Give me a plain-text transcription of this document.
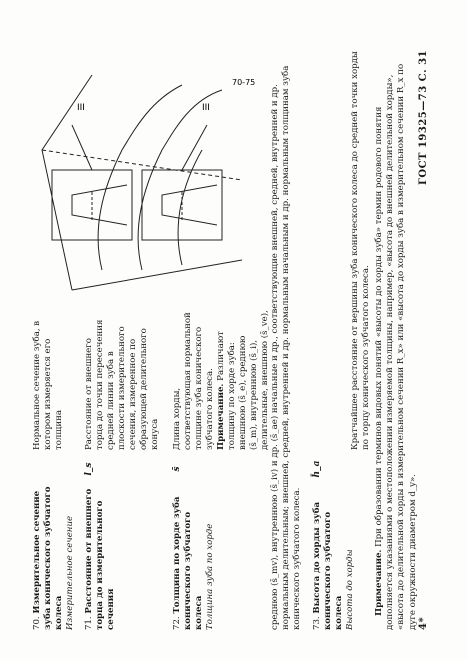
4*
ГОСТ 19325—73 С. 31
70. Измерительное сечение зуба конического зубчатого колеса
Измерительное сечение
Нормальное сечение зуба, в котором измеряется его толщина
71. Расстояние от внешнего торца до измерительного сечения
l_s
Расстояние от внешнего торца до точки пересечения средней линии зуба в плоскости измерительного сечения, измеренное по образующей делительного конуса
72. Толщина по хорде зуба конического зубчатого колеса
Толщина зуба по хорде
s̄
Длина хорды, соответствующая нормальной толщине зуба конического зубчатого колеса. Примечание. Различают толщину по хорде зуба: внешнюю (s̄_e), среднюю (s̄_m), внутреннюю (s̄_i), делительные, внешнюю (s̄_ve), среднюю (s̄_mv), внутреннюю (s̄_iv) и др. (s̄_ae) начальные и др., соответствующие внешней, средней, внутренней и др. нормальным делительным; внешней, средней, внутренней и др. нормальным начальным и др. нормальным толщинам зуба конического зубчатого колеса. 73. Высота до хорды зуба конического зубчатого колеса
Высота до хорды
h̄_a
Кратчайшее расстояние от вершины зуба конического колеса до средней точки хорды по торцу конического зубчатого колеса.
Примечание. При образовании терминов видовых понятий «высоты до хорды зуба» термин родового понятия дополняется указаниями о местоположении измеряемой толщины, например, «высота до внешней делительной хорды», «высота до делительной хорды в измерительном сечении R_x» или «высота до хорды зуба в измерительном сечении R_x по дуге окружности диаметром d_y».
III	III
70-75
